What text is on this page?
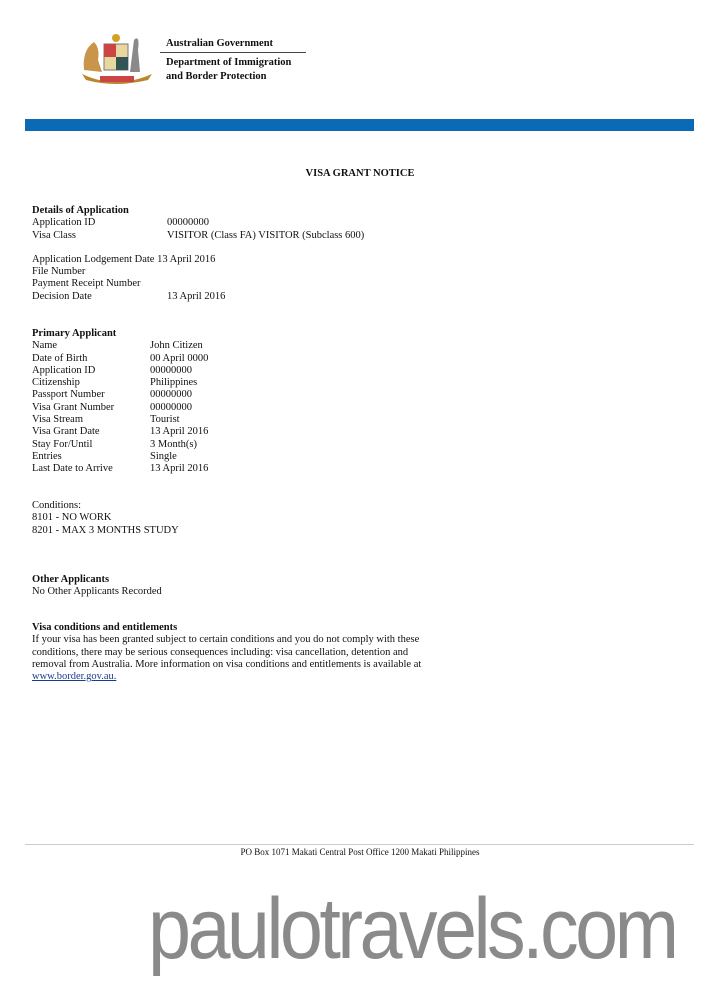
Australian Government
Department of Immigration
and Border Protection
VISA GRANT NOTICE
Details of Application
Application ID	00000000
Visa Class	VISITOR (Class FA) VISITOR (Subclass 600)
Application Lodgement Date 13 April 2016
File Number
Payment Receipt Number
Decision Date	13 April 2016
Primary Applicant
Name	John Citizen
Date of Birth	00 April 0000
Application ID	00000000
Citizenship	Philippines
Passport Number	00000000
Visa Grant Number	00000000
Visa Stream	Tourist
Visa Grant Date	13 April 2016
Stay For/Until	3 Month(s)
Entries	Single
Last Date to Arrive	13 April 2016
Conditions:
8101 - NO WORK
8201 - MAX 3 MONTHS STUDY
Other Applicants
No Other Applicants Recorded
Visa conditions and entitlements
If your visa has been granted subject to certain conditions and you do not comply with these
conditions, there may be serious consequences including: visa cancellation, detention and
removal from Australia. More information on visa conditions and entitlements is available at
www.border.gov.au.
PO Box 1071 Makati Central Post Office 1200 Makati Philippines
paulotravels.com
